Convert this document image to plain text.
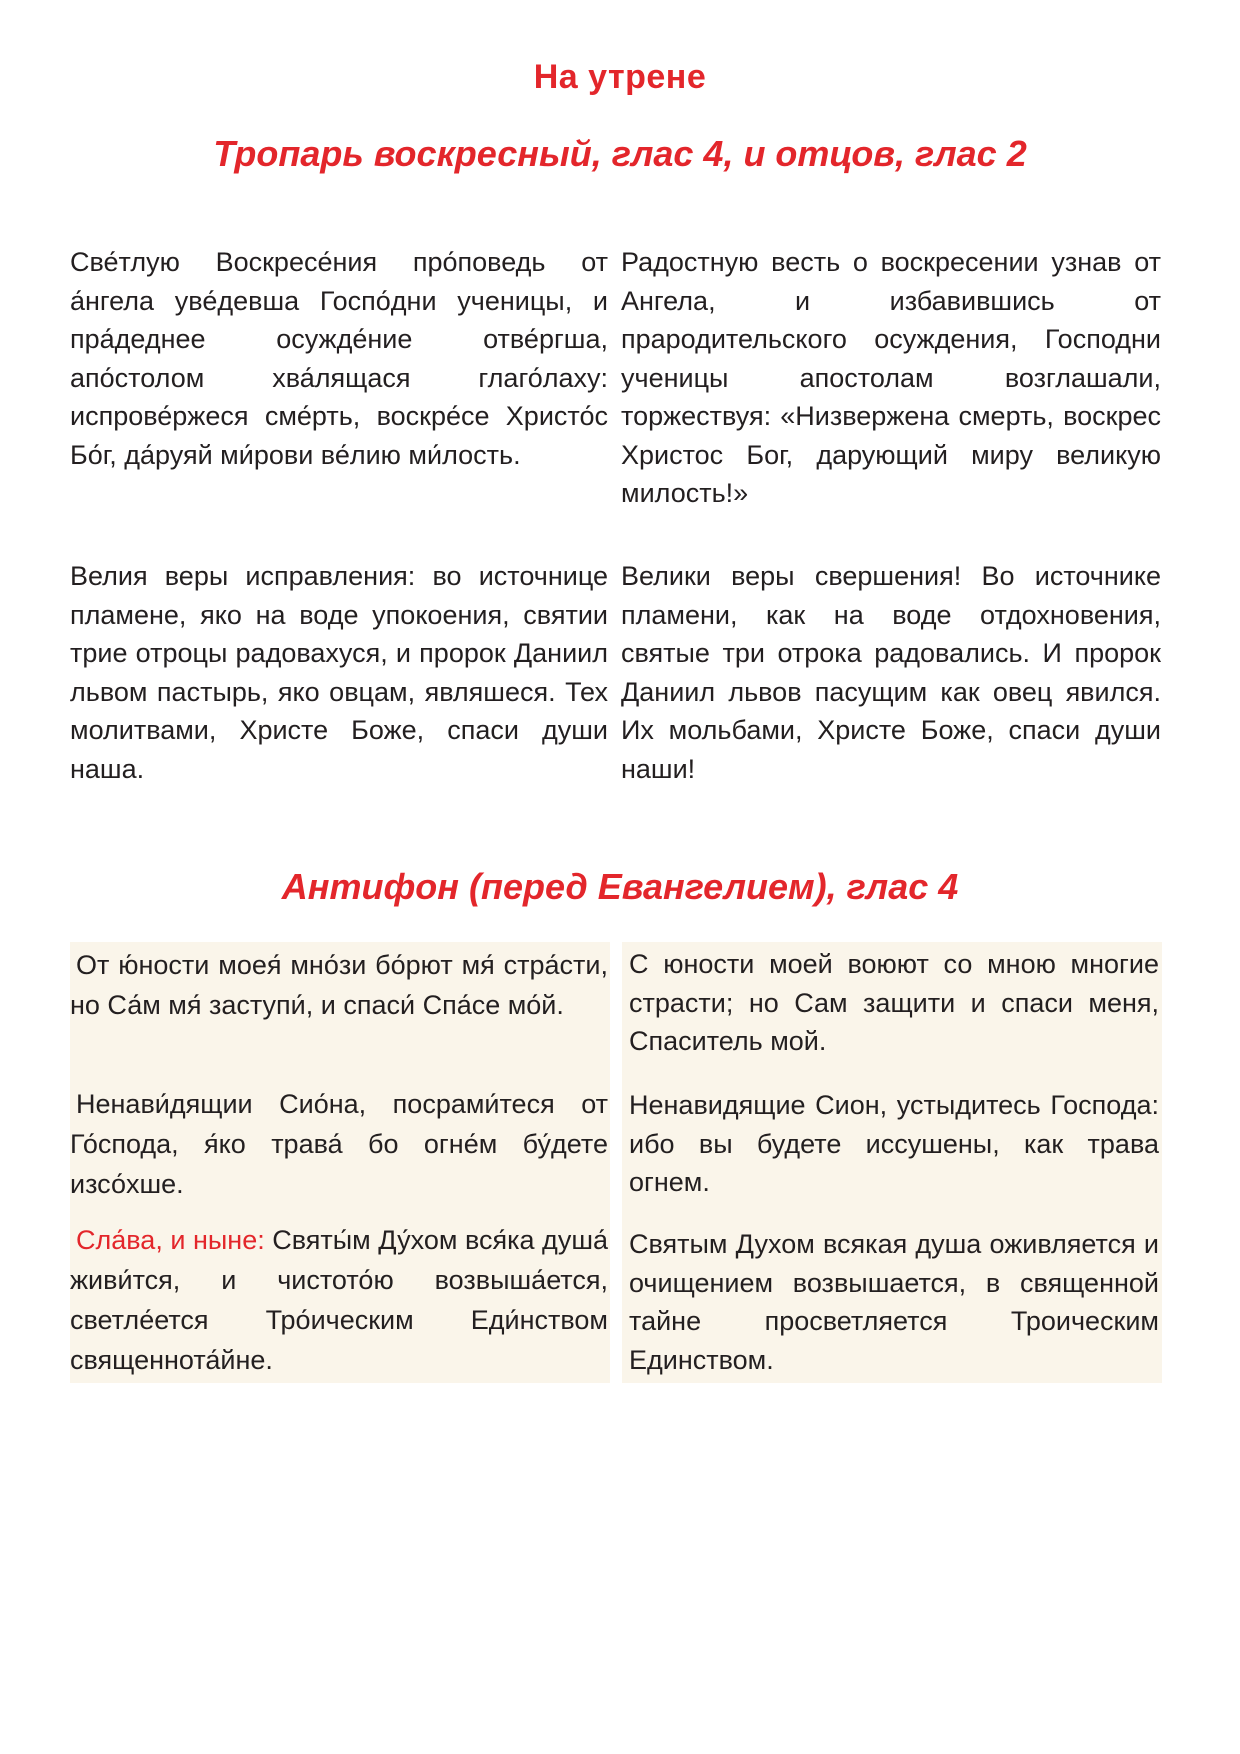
На утрене
Тропарь воскресный, глас 4, и отцов, глас 2

Све́тлую Воскресе́ния про́поведь от а́нгела уве́девша Госпо́дни ученицы, и пра́деднее осужде́ние отве́ргша, апо́столом хва́лящася глаго́лаху: испрове́ржеся сме́рть, воскре́се Христо́с Бо́г, да́руяй ми́рови ве́лию ми́лость.

Радостную весть о воскресении узнав от Ангела, и избавившись от прародительского осуждения, Господни ученицы апостолам возглашали, торжествуя: «Низвержена смерть, воскрес Христос Бог, дарующий миру великую милость!»

Велия веры исправления: во источнице пламене, яко на воде упокоения, святии трие отроцы радовахуся, и пророк Даниил львом пастырь, яко овцам, являшеся. Тех молитвами, Христе Боже, спаси души наша.

Велики веры свершения! Во источнике пламени, как на воде отдохновения, святые три отрока радовались. И пророк Даниил львов пасущим как овец явился. Их мольбами, Христе Боже, спаси души наши!

Антифон (перед Евангелием), глас 4

От ю́ности моея́ мно́зи бо́рют мя́ стра́сти, но Са́м мя́ заступи́, и спаси́ Спа́се мо́й.

Ненави́дящии Сио́на, посрами́теся от Го́спода, я́ко трава́ бо огне́м бу́дете изсо́хше.

Сла́ва, и ныне: Святы́м Ду́хом вся́ка душа́ живи́тся, и чистото́ю возвыша́ется, светле́ется Тро́ическим Еди́нством священнота́йне.

С юности моей воюют со мною многие страсти; но Сам защити и спаси меня, Спаситель мой.

Ненавидящие Сион, устыдитесь Господа: ибо вы будете иссушены, как трава огнем.

Святым Духом всякая душа оживляется и очищением возвышается, в священной тайне просветляется Троическим Единством.
